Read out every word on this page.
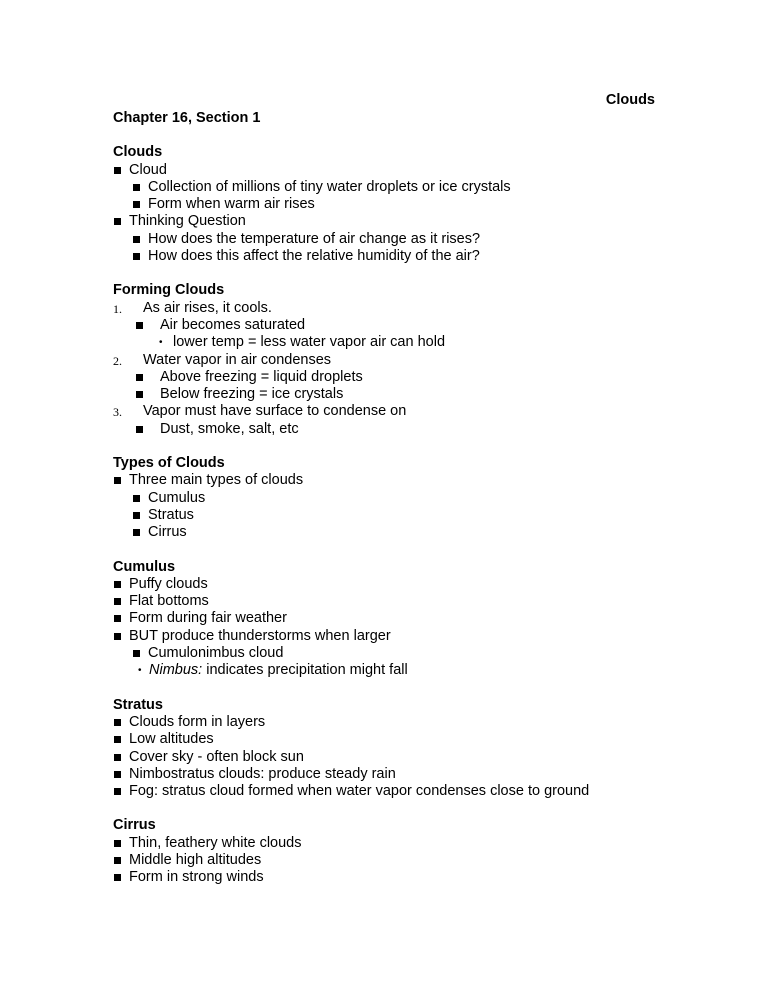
Clouds
Chapter 16, Section 1
Clouds
Cloud
Collection of millions of tiny water droplets or ice crystals
Form when warm air rises
Thinking Question
How does the temperature of air change as it rises?
How does this affect the relative humidity of the air?
Forming Clouds
1. As air rises, it cools.
Air becomes saturated
• lower temp = less water vapor air can hold
2. Water vapor in air condenses
Above freezing = liquid droplets
Below freezing = ice crystals
3. Vapor must have surface to condense on
Dust, smoke, salt, etc
Types of Clouds
Three main types of clouds
Cumulus
Stratus
Cirrus
Cumulus
Puffy clouds
Flat bottoms
Form during fair weather
BUT produce thunderstorms when larger
Cumulonimbus cloud
• Nimbus: indicates precipitation might fall
Stratus
Clouds form in layers
Low altitudes
Cover sky - often block sun
Nimbostratus clouds: produce steady rain
Fog: stratus cloud formed when water vapor condenses close to ground
Cirrus
Thin, feathery white clouds
Middle high altitudes
Form in strong winds
